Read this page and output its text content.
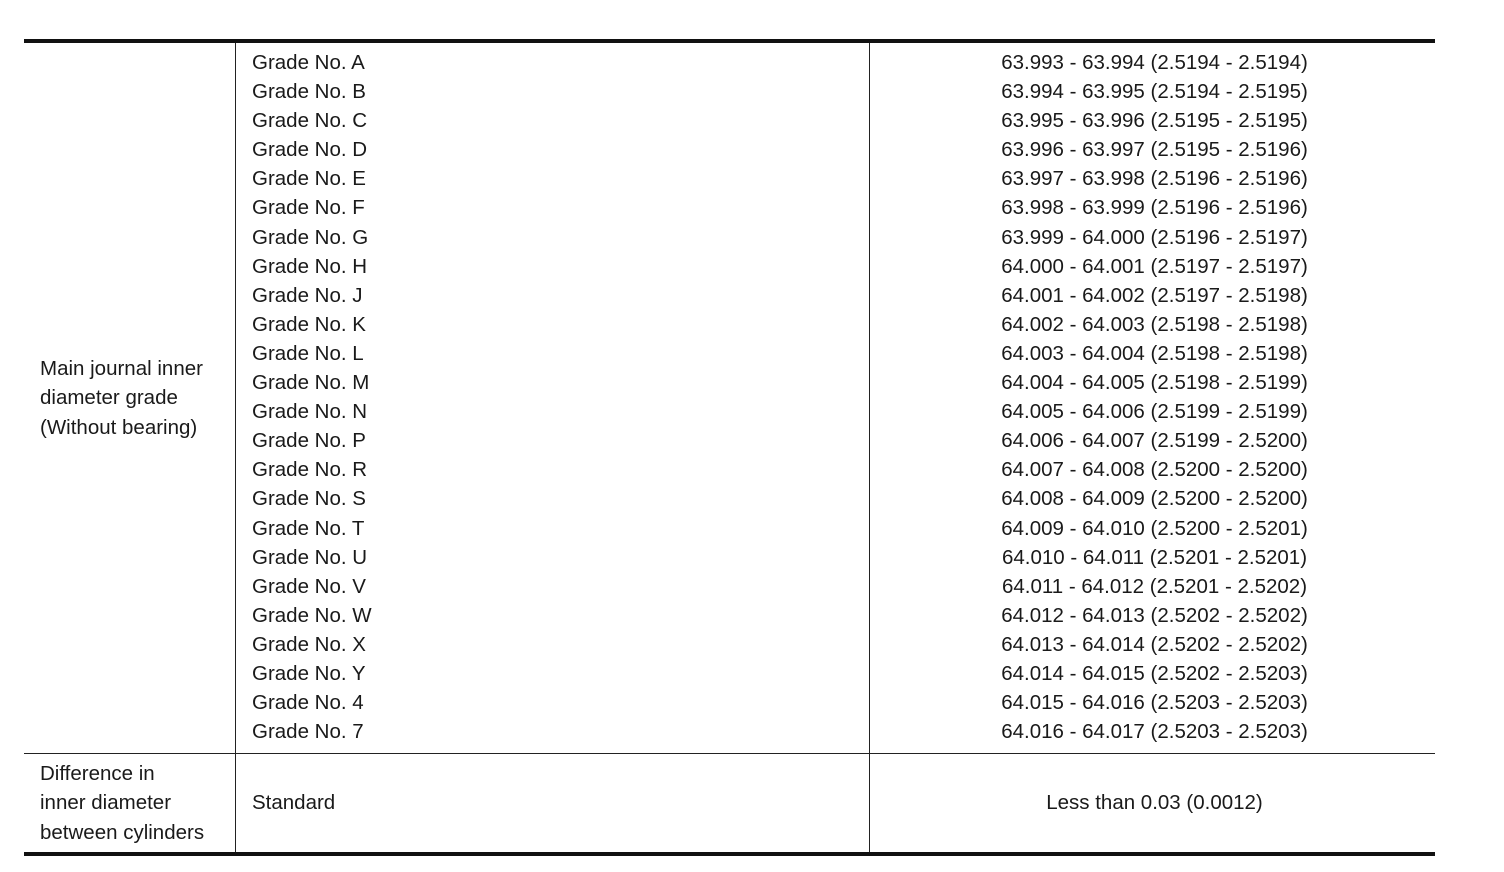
Main journal inner
diameter grade
(Without bearing)
Grade No. A
Grade No. B
Grade No. C
Grade No. D
Grade No. E
Grade No. F
Grade No. G
Grade No. H
Grade No. J
Grade No. K
Grade No. L
Grade No. M
Grade No. N
Grade No. P
Grade No. R
Grade No. S
Grade No. T
Grade No. U
Grade No. V
Grade No. W
Grade No. X
Grade No. Y
Grade No. 4
Grade No. 7
63.993 - 63.994 (2.5194 - 2.5194)
63.994 - 63.995 (2.5194 - 2.5195)
63.995 - 63.996 (2.5195 - 2.5195)
63.996 - 63.997 (2.5195 - 2.5196)
63.997 - 63.998 (2.5196 - 2.5196)
63.998 - 63.999 (2.5196 - 2.5196)
63.999 - 64.000 (2.5196 - 2.5197)
64.000 - 64.001 (2.5197 - 2.5197)
64.001 - 64.002 (2.5197 - 2.5198)
64.002 - 64.003 (2.5198 - 2.5198)
64.003 - 64.004 (2.5198 - 2.5198)
64.004 - 64.005 (2.5198 - 2.5199)
64.005 - 64.006 (2.5199 - 2.5199)
64.006 - 64.007 (2.5199 - 2.5200)
64.007 - 64.008 (2.5200 - 2.5200)
64.008 - 64.009 (2.5200 - 2.5200)
64.009 - 64.010 (2.5200 - 2.5201)
64.010 - 64.011 (2.5201 - 2.5201)
64.011 - 64.012 (2.5201 - 2.5202)
64.012 - 64.013 (2.5202 - 2.5202)
64.013 - 64.014 (2.5202 - 2.5202)
64.014 - 64.015 (2.5202 - 2.5203)
64.015 - 64.016 (2.5203 - 2.5203)
64.016 - 64.017 (2.5203 - 2.5203)
Difference in
inner diameter
between cylinders
Standard	Less than 0.03 (0.0012)
